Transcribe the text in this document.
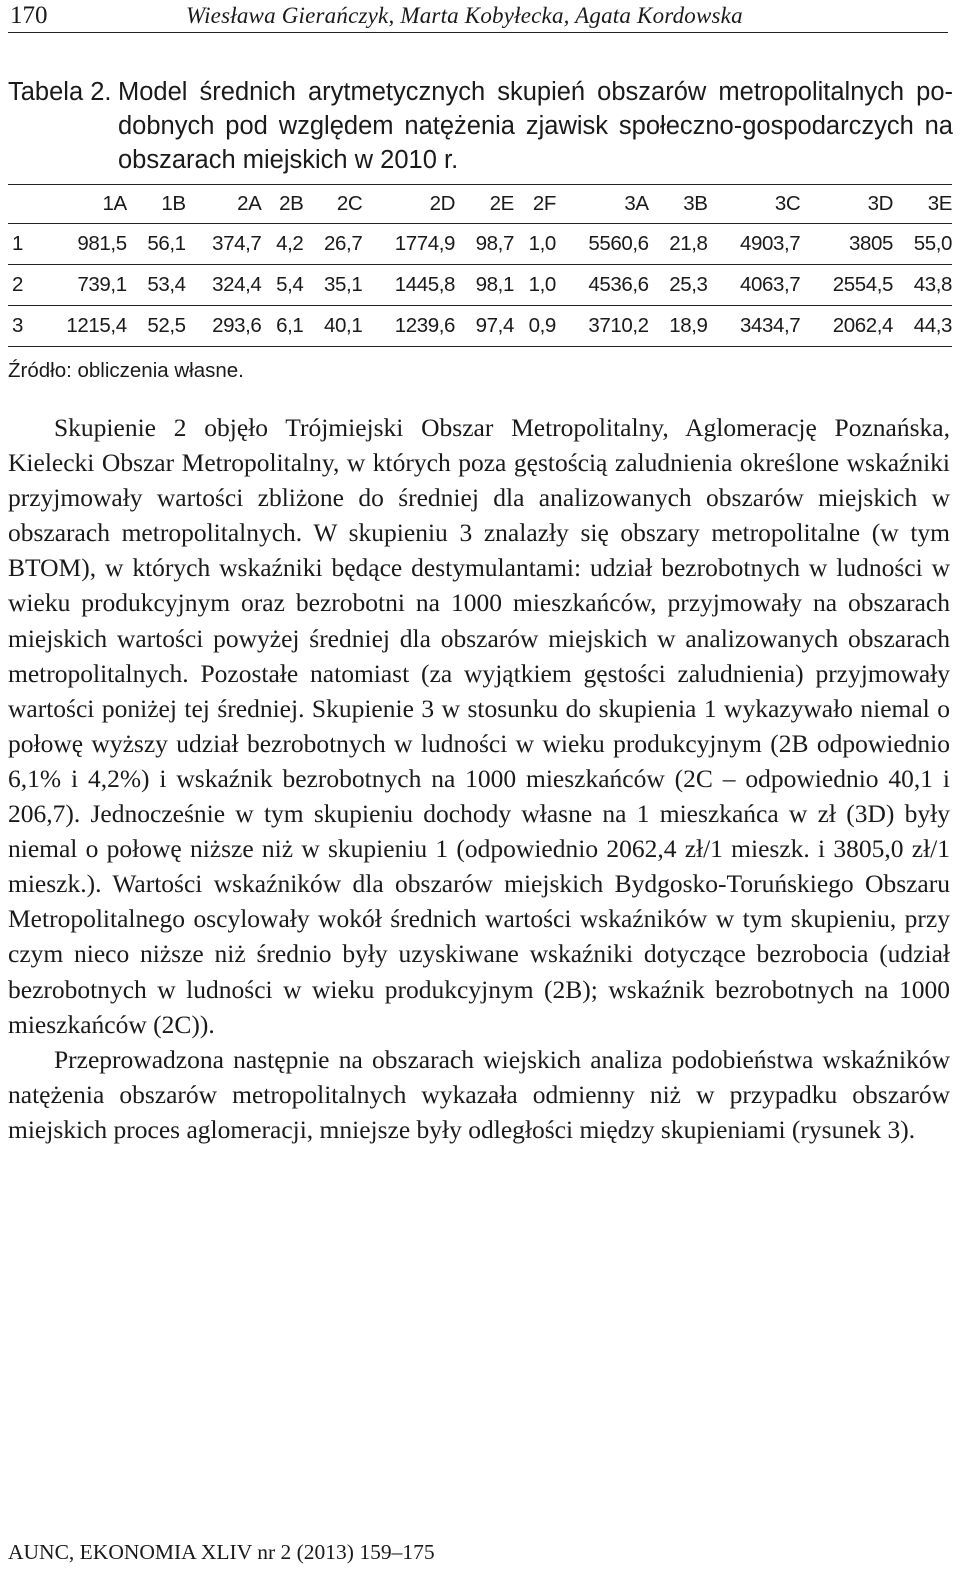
170	Wiesława Gierańczyk, Marta Kobyłecka, Agata Kordowska
Tabela 2. Model średnich arytmetycznych skupień obszarów metropolitalnych po-
dobnych pod względem natężenia zjawisk społeczno-gospodarczych na
obszarach miejskich w 2010 r.
	1A	1B	2A	2B	2C	2D	2E	2F	3A	3B	3C	3D	3E
1	981,5	56,1	374,7	4,2	26,7	1774,9	98,7	1,0	5560,6	21,8	4903,7	3805	55,0
2	739,1	53,4	324,4	5,4	35,1	1445,8	98,1	1,0	4536,6	25,3	4063,7	2554,5	43,8
3	1215,4	52,5	293,6	6,1	40,1	1239,6	97,4	0,9	3710,2	18,9	3434,7	2062,4	44,3
Źródło: obliczenia własne.

Skupienie 2 objęło Trójmiejski Obszar Metropolitalny, Aglomerację Poznańska, Kielecki Obszar Metropolitalny, w których poza gęstością zaludnienia określone wskaźniki przyjmowały wartości zbliżone do średniej dla analizowanych obszarów miejskich w obszarach metropolitalnych. W skupieniu 3 znalazły się obszary metropolitalne (w tym BTOM), w których wskaźniki będące destymulantami: udział bezrobotnych w ludności w wieku produkcyjnym oraz bezrobotni na 1000 mieszkańców, przyjmowały na obszarach miejskich wartości powyżej średniej dla obszarów miejskich w analizowanych obszarach metropolitalnych. Pozostałe natomiast (za wyjątkiem gęstości zaludnienia) przyjmowały wartości poniżej tej średniej. Skupienie 3 w stosunku do skupienia 1 wykazywało niemal o połowę wyższy udział bezrobotnych w ludności w wieku produkcyjnym (2B odpowiednio 6,1% i 4,2%) i wskaźnik bezrobotnych na 1000 mieszkańców (2C – odpowiednio 40,1 i 206,7). Jednocześnie w tym skupieniu dochody własne na 1 mieszkańca w zł (3D) były niemal o połowę niższe niż w skupieniu 1 (odpowiednio 2062,4 zł/1 mieszk. i 3805,0 zł/1 mieszk.). Wartości wskaźników dla obszarów miejskich Bydgosko-Toruńskiego Obszaru Metropolitalnego oscylowały wokół średnich wartości wskaźników w tym skupieniu, przy czym nieco niższe niż średnio były uzyskiwane wskaźniki dotyczące bezrobocia (udział bezrobotnych w ludności w wieku produkcyjnym (2B); wskaźnik bezrobotnych na 1000 mieszkańców (2C)).

Przeprowadzona następnie na obszarach wiejskich analiza podobieństwa wskaźników natężenia obszarów metropolitalnych wykazała odmienny niż w przypadku obszarów miejskich proces aglomeracji, mniejsze były odległości między skupieniami (rysunek 3).

AUNC, EKONOMIA XLIV nr 2 (2013) 159–175
